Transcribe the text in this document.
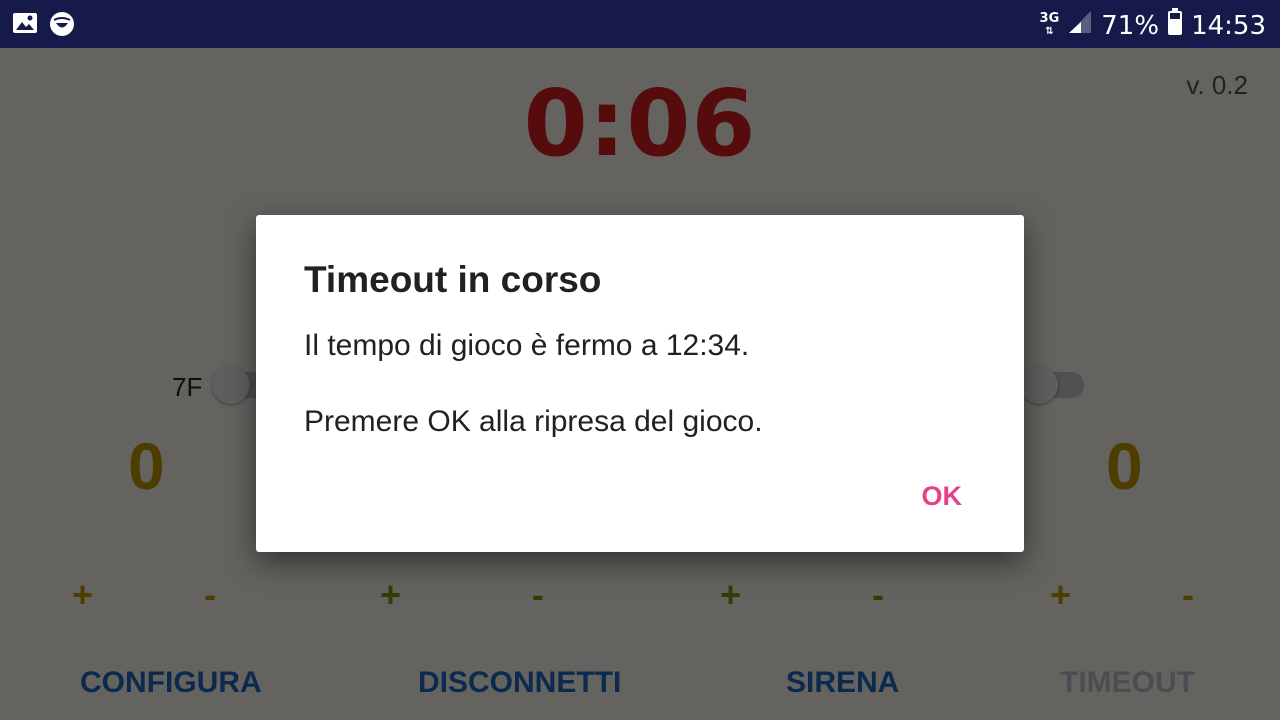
3G
⇅ 71% 14:53

Timeout in corso

Il tempo di gioco è fermo a 12:34.

Premere OK alla ripresa del gioco.

OK
